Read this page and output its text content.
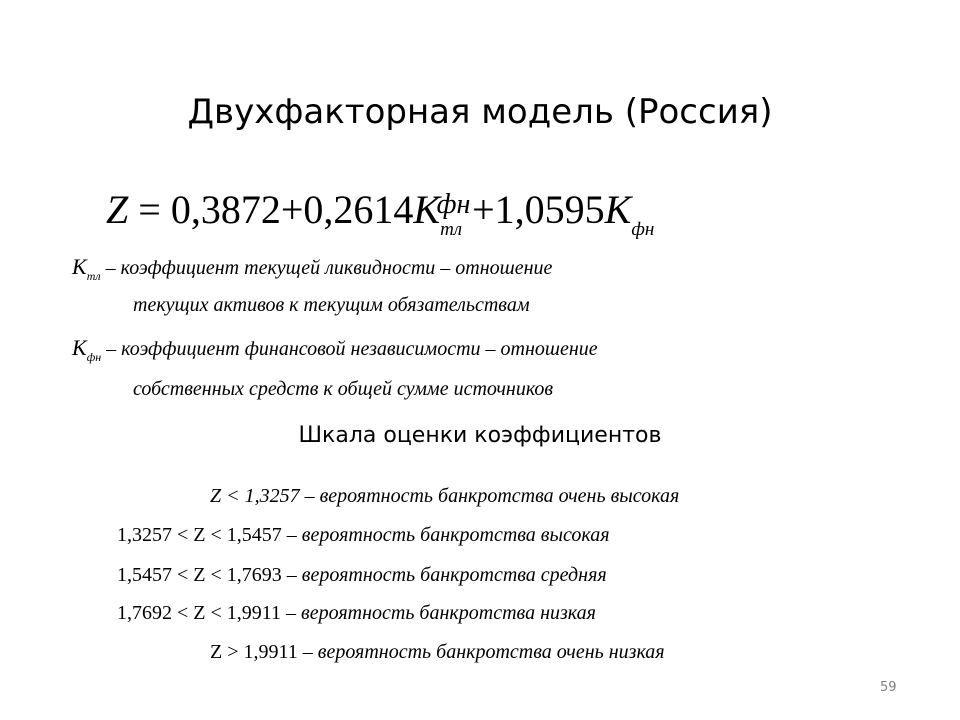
Двухфакторная модель (Россия)
$Z = 0,3872+0,2614K_{тл} +1,0595$
фн	$K_{фн}$
$K_{тл}$ – коэффициент текущей ликвидности – отношение
текущих активов к текущим обязательствам
$K_{фн}$ – коэффициент финансовой независимости – отношение
собственных средств к общей сумме источников
Шкала оценки коэффициентов
Z < 1,3257 – вероятность банкротства очень высокая
1,3257 < Z < 1,5457 – вероятность банкротства высокая
1,5457 < Z < 1,7693 – вероятность банкротства средняя
1,7692 < Z < 1,9911 – вероятность банкротства низкая
Z > 1,9911 – вероятность банкротства очень низкая
59
